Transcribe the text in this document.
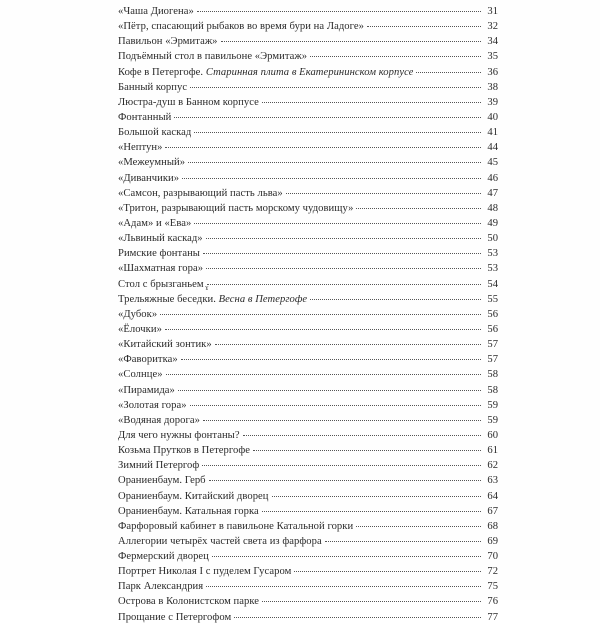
«Чаша Диогена»	31
«Пётр, спасающий рыбаков во время бури на Ладоге»	32
Павильон «Эрмитаж»	34
Подъёмный стол в павильоне «Эрмитаж»	35
Кофе в Петергофе. Старинная плита в Екатерининском корпусе	36
Банный корпус	38
Люстра-душ в Банном корпусе	39
Фонтанный	40
Большой каскад	41
«Нептун»	44
«Межеумный»	45
«Диванчики»	46
«Самсон, разрывающий пасть льва»	47
«Тритон, разрывающий пасть морскому чудовищу»	48
«Адам» и «Ева»	49
«Львиный каскад»	50
Римские фонтаны	53
«Шахматная гора»	53
Стол с брызганьем	54
Трельяжные беседки. Весна в Петергофе	55
«Дубок»	56
«Ёлочки»	56
«Китайский зонтик»	57
«Фаворитка»	57
«Солнце»	58
«Пирамида»	58
«Золотая гора»	59
«Водяная дорога»	59
Для чего нужны фонтаны?	60
Козьма Прутков в Петергофе	61
Зимний Петергоф	62
Ораниенбаум. Герб	63
Ораниенбаум. Китайский дворец	64
Ораниенбаум. Катальная горка	67
Фарфоровый кабинет в павильоне Катальной горки	68
Аллегории четырёх частей света из фарфора	69
Фермерский дворец	70
Портрет Николая I с пуделем Гусаром	72
Парк Александрия	75
Острова в Колонистском парке	76
Прощание с Петергофом	77
ɤ
